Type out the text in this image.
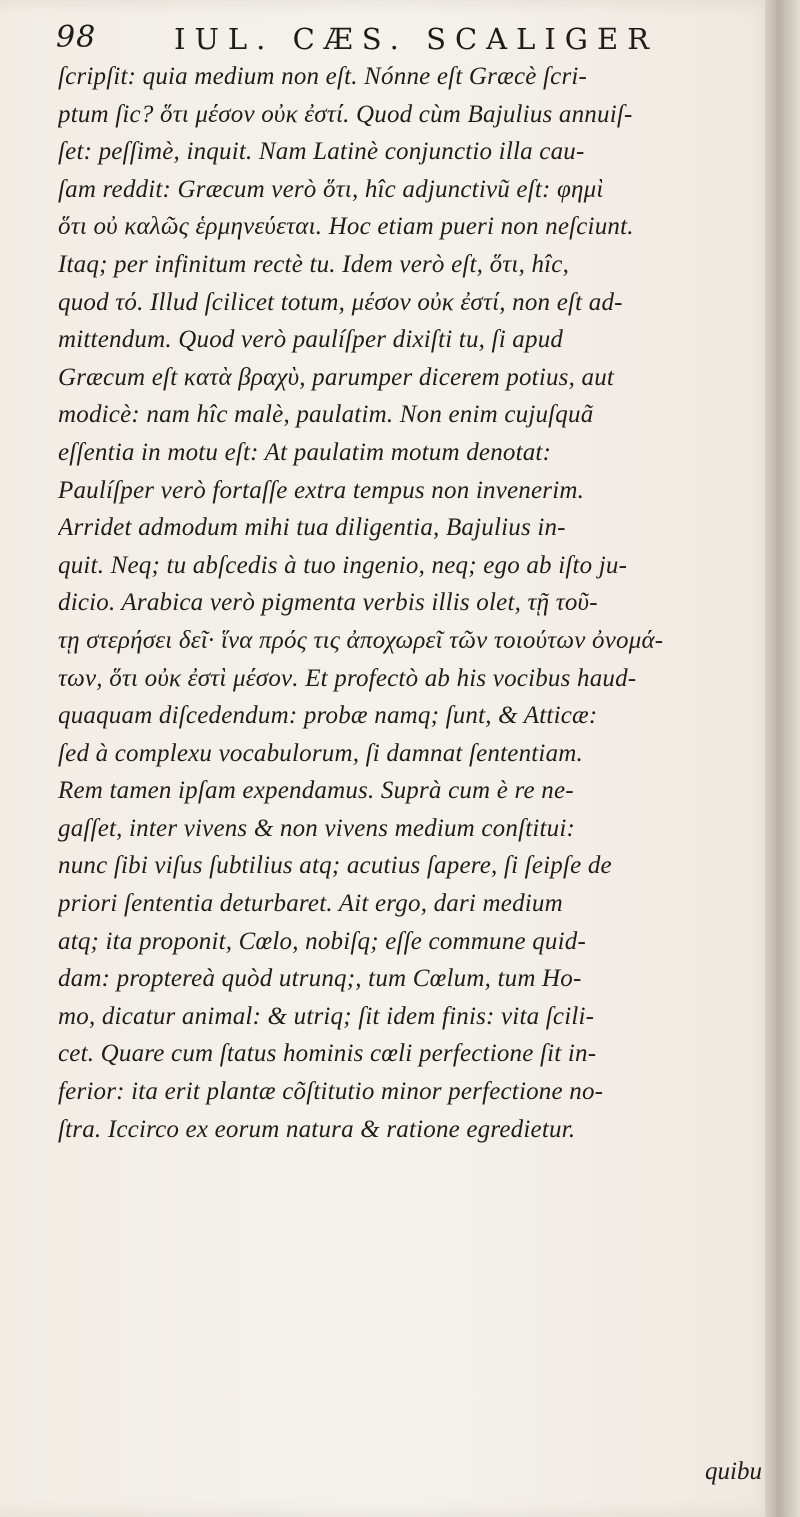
98	IUL. CÆS. SCALIGER
ſcripſit: quia medium non eſt. Nónne eſt Græcè ſcri-
ptum ſic? ὅτι μέσον οὐκ ἐστί. Quod cùm Bajulius annuiſ-
ſet: peſſimè, inquit. Nam Latinè conjunctio illa cau-
ſam reddit: Græcum verò ὅτι, hîc adjunctivũ eſt: φημὶ
ὅτι οὐ καλῶς ἑρμηνεύεται. Hoc etiam pueri non neſciunt.
Itaq; per infinitum rectè tu. Idem verò eſt, ὅτι, hîc,
quod τό. Illud ſcilicet totum, μέσον οὐκ ἐστί, non eſt ad-
mittendum. Quod verò paulíſper dixiſti tu, ſi apud
Græcum eſt κατὰ βραχὺ, parumper dicerem potius, aut
modicè: nam hîc malè, paulatim. Non enim cujuſquã
eſſentia in motu eſt: At paulatim motum denotat:
Paulíſper verò fortaſſe extra tempus non invenerim.
Arridet admodum mihi tua diligentia, Bajulius in-
quit. Neq; tu abſcedis à tuo ingenio, neq; ego ab iſto ju-
dicio. Arabica verò pigmenta verbis illis olet, τῇ τοῦ-
τῃ στερήσει δεῖ· ἵνα πρός τις ἀποχωρεῖ τῶν τοιούτων ὀνομά-
των, ὅτι οὐκ ἐστὶ μέσον. Et profectò ab his vocibus haud-
quaquam diſcedendum: probæ namq; ſunt, & Atticæ:
ſed à complexu vocabulorum, ſi damnat ſententiam.
Rem tamen ipſam expendamus. Suprà cum è re ne-
gaſſet, inter vivens & non vivens medium conſtitui:
nunc ſibi viſus ſubtilius atq; acutius ſapere, ſi ſeipſe de
priori ſententia deturbaret. Ait ergo, dari medium
atq; ita proponit, Cœlo, nobiſq; eſſe commune quid-
dam: proptereà quòd utrunq;, tum Cœlum, tum Ho-
mo, dicatur animal: & utriq; ſit idem finis: vita ſcili-
cet. Quare cum ſtatus hominis cœli perfectione ſit in-
ferior: ita erit plantæ cõſtitutio minor perfectione no-
ſtra. Iccirco ex eorum natura & ratione egredietur.
quibu
